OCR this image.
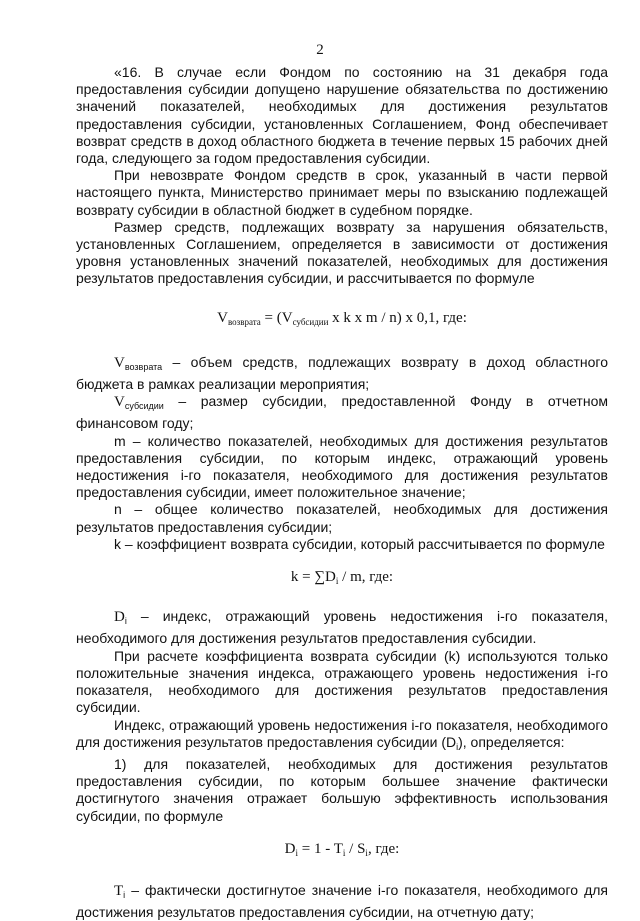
2

«16. В случае если Фондом по состоянию на 31 декабря года предоставления субсидии допущено нарушение обязательства по достижению значений показателей, необходимых для достижения результатов предоставления субсидии, установленных Соглашением, Фонд обеспечивает возврат средств в доход областного бюджета в течение первых 15 рабочих дней года, следующего за годом предоставления субсидии.

При невозврате Фондом средств в срок, указанный в части первой настоящего пункта, Министерство принимает меры по взысканию подлежащей возврату субсидии в областной бюджет в судебном порядке.

Размер средств, подлежащих возврату за нарушения обязательств, установленных Соглашением, определяется в зависимости от достижения уровня установленных значений показателей, необходимых для достижения результатов предоставления субсидии, и рассчитывается по формуле

$V_{возврата} = (V_{субсидии}$ x k x m / n) x 0,1, где:

$V_{возврата}$ – объем средств, подлежащих возврату в доход областного бюджета в рамках реализации мероприятия;

$V_{субсидии}$ – размер субсидии, предоставленной Фонду в отчетном финансовом году;

m – количество показателей, необходимых для достижения результатов предоставления субсидии, по которым индекс, отражающий уровень недостижения i-го показателя, необходимого для достижения результатов предоставления субсидии, имеет положительное значение;

n – общее количество показателей, необходимых для достижения результатов предоставления субсидии;

k – коэффициент возврата субсидии, который рассчитывается по формуле

$k = \sum D_i / m$, где:

$D_i$ – индекс, отражающий уровень недостижения i-го показателя, необходимого для достижения результатов предоставления субсидии.

При расчете коэффициента возврата субсидии (k) используются только положительные значения индекса, отражающего уровень недостижения i-го показателя, необходимого для достижения результатов предоставления субсидии.

Индекс, отражающий уровень недостижения i-го показателя, необходимого для достижения результатов предоставления субсидии $(D_i)$, определяется:

1) для показателей, необходимых для достижения результатов предоставления субсидии, по которым большее значение фактически достигнутого значения отражает большую эффективность использования субсидии, по формуле

$D_i = 1 - T_i / S_i$, где:

$T_i$ – фактически достигнутое значение i-го показателя, необходимого для достижения результатов предоставления субсидии, на отчетную дату;
